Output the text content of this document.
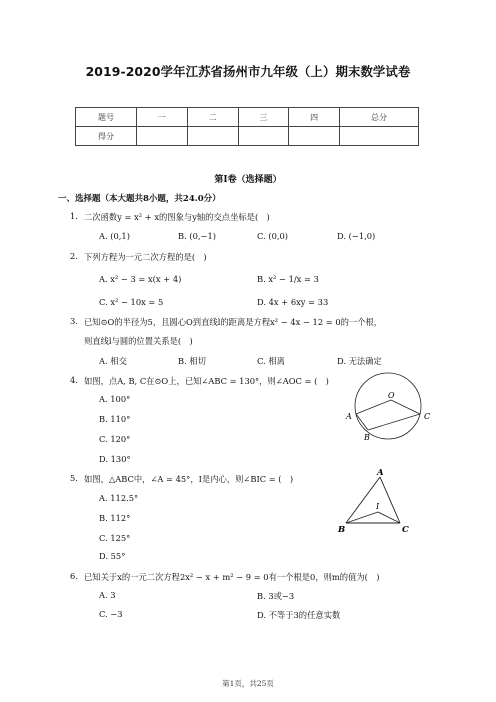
2019-2020学年江苏省扬州市九年级（上）期末数学试卷
题号	一	二	三	四	总分
得分					
第Ⅰ卷（选择题）
一、选择题（本大题共8小题，共24.0分）
1. 二次函数y = x² + x的图象与y轴的交点坐标是(　)
A. (0,1)	B. (0,−1)	C. (0,0)	D. (−1,0)
2. 下列方程为一元二次方程的是(　)
A. x² − 3 = x(x + 4)	B. x² − 1/x = 3
C. x² − 10x = 5	D. 4x + 6xy = 33
3. 已知⊙O的半径为5，且圆心O到直线l的距离是方程x² − 4x − 12 = 0的一个根，
则直线l与圆的位置关系是(　)
A. 相交	B. 相切	C. 相离	D. 无法确定
4. 如图，点A, B, C在⊙O上，已知∠ABC = 130°，则∠AOC = (　)
A. 100°
B. 110°
C. 120°
D. 130°
O
A
B
C
5. 如图，△ABC中，∠A = 45°，I是内心，则∠BIC = (　)
A. 112.5°
B. 112°
C. 125°
D. 55°
A
B	C
I
6. 已知关于x的一元二次方程2x² − x + m² − 9 = 0有一个根是0，则m的值为(　)
A. 3	B. 3或−3
C. −3	D. 不等于3的任意实数
第1页，共25页
